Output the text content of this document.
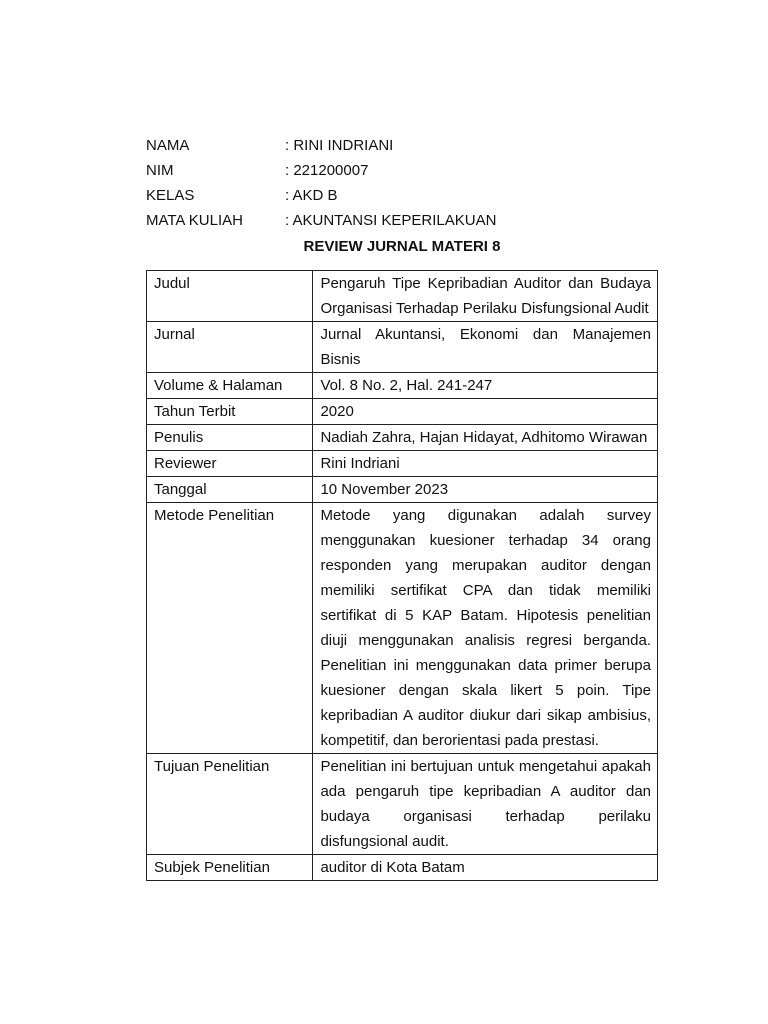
NAMA	: RINI INDRIANI
NIM	: 221200007
KELAS	: AKD B
MATA KULIAH	: AKUNTANSI KEPERILAKUAN
REVIEW JURNAL MATERI 8
Judul	Pengaruh Tipe Kepribadian Auditor dan Budaya Organisasi Terhadap Perilaku Disfungsional Audit
Jurnal	Jurnal Akuntansi, Ekonomi dan Manajemen Bisnis
Volume & Halaman	Vol. 8 No. 2, Hal. 241-247
Tahun Terbit	2020
Penulis	Nadiah Zahra, Hajan Hidayat, Adhitomo Wirawan
Reviewer	Rini Indriani
Tanggal	10 November 2023
Metode Penelitian	Metode yang digunakan adalah survey menggunakan kuesioner terhadap 34 orang responden yang merupakan auditor dengan memiliki sertifikat CPA dan tidak memiliki sertifikat di 5 KAP Batam. Hipotesis penelitian diuji menggunakan analisis regresi berganda. Penelitian ini menggunakan data primer berupa kuesioner dengan skala likert 5 poin. Tipe kepribadian A auditor diukur dari sikap ambisius, kompetitif, dan berorientasi pada prestasi.
Tujuan Penelitian	Penelitian ini bertujuan untuk mengetahui apakah ada pengaruh tipe kepribadian A auditor dan budaya organisasi terhadap perilaku disfungsional audit.
Subjek Penelitian	auditor di Kota Batam
